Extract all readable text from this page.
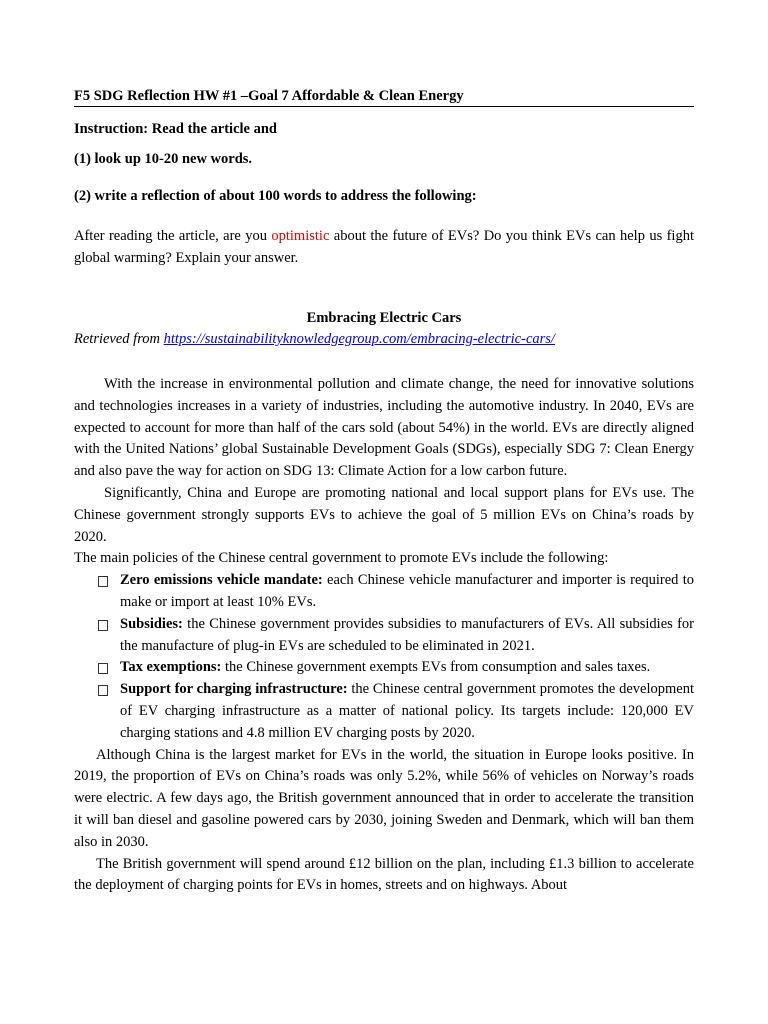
F5 SDG Reflection HW #1 –Goal 7 Affordable & Clean Energy
Instruction: Read the article and
(1) look up 10-20 new words.
(2) write a reflection of about 100 words to address the following:
After reading the article, are you optimistic about the future of EVs? Do you think EVs can help us fight global warming? Explain your answer.
Embracing Electric Cars
Retrieved from https://sustainabilityknowledgegroup.com/embracing-electric-cars/

With the increase in environmental pollution and climate change, the need for innovative solutions and technologies increases in a variety of industries, including the automotive industry. In 2040, EVs are expected to account for more than half of the cars sold (about 54%) in the world. EVs are directly aligned with the United Nations’ global Sustainable Development Goals (SDGs), especially SDG 7: Clean Energy and also pave the way for action on SDG 13: Climate Action for a low carbon future.

Significantly, China and Europe are promoting national and local support plans for EVs use. The Chinese government strongly supports EVs to achieve the goal of 5 million EVs on China’s roads by 2020.

The main policies of the Chinese central government to promote EVs include the following:

Zero emissions vehicle mandate: each Chinese vehicle manufacturer and importer is required to make or import at least 10% EVs.
Subsidies: the Chinese government provides subsidies to manufacturers of EVs. All subsidies for the manufacture of plug-in EVs are scheduled to be eliminated in 2021.
Tax exemptions: the Chinese government exempts EVs from consumption and sales taxes.
Support for charging infrastructure: the Chinese central government promotes the development of EV charging infrastructure as a matter of national policy. Its targets include: 120,000 EV charging stations and 4.8 million EV charging posts by 2020.

Although China is the largest market for EVs in the world, the situation in Europe looks positive. In 2019, the proportion of EVs on China’s roads was only 5.2%, while 56% of vehicles on Norway’s roads were electric. A few days ago, the British government announced that in order to accelerate the transition it will ban diesel and gasoline powered cars by 2030, joining Sweden and Denmark, which will ban them also in 2030.

The British government will spend around £12 billion on the plan, including £1.3 billion to accelerate the deployment of charging points for EVs in homes, streets and on highways. About
